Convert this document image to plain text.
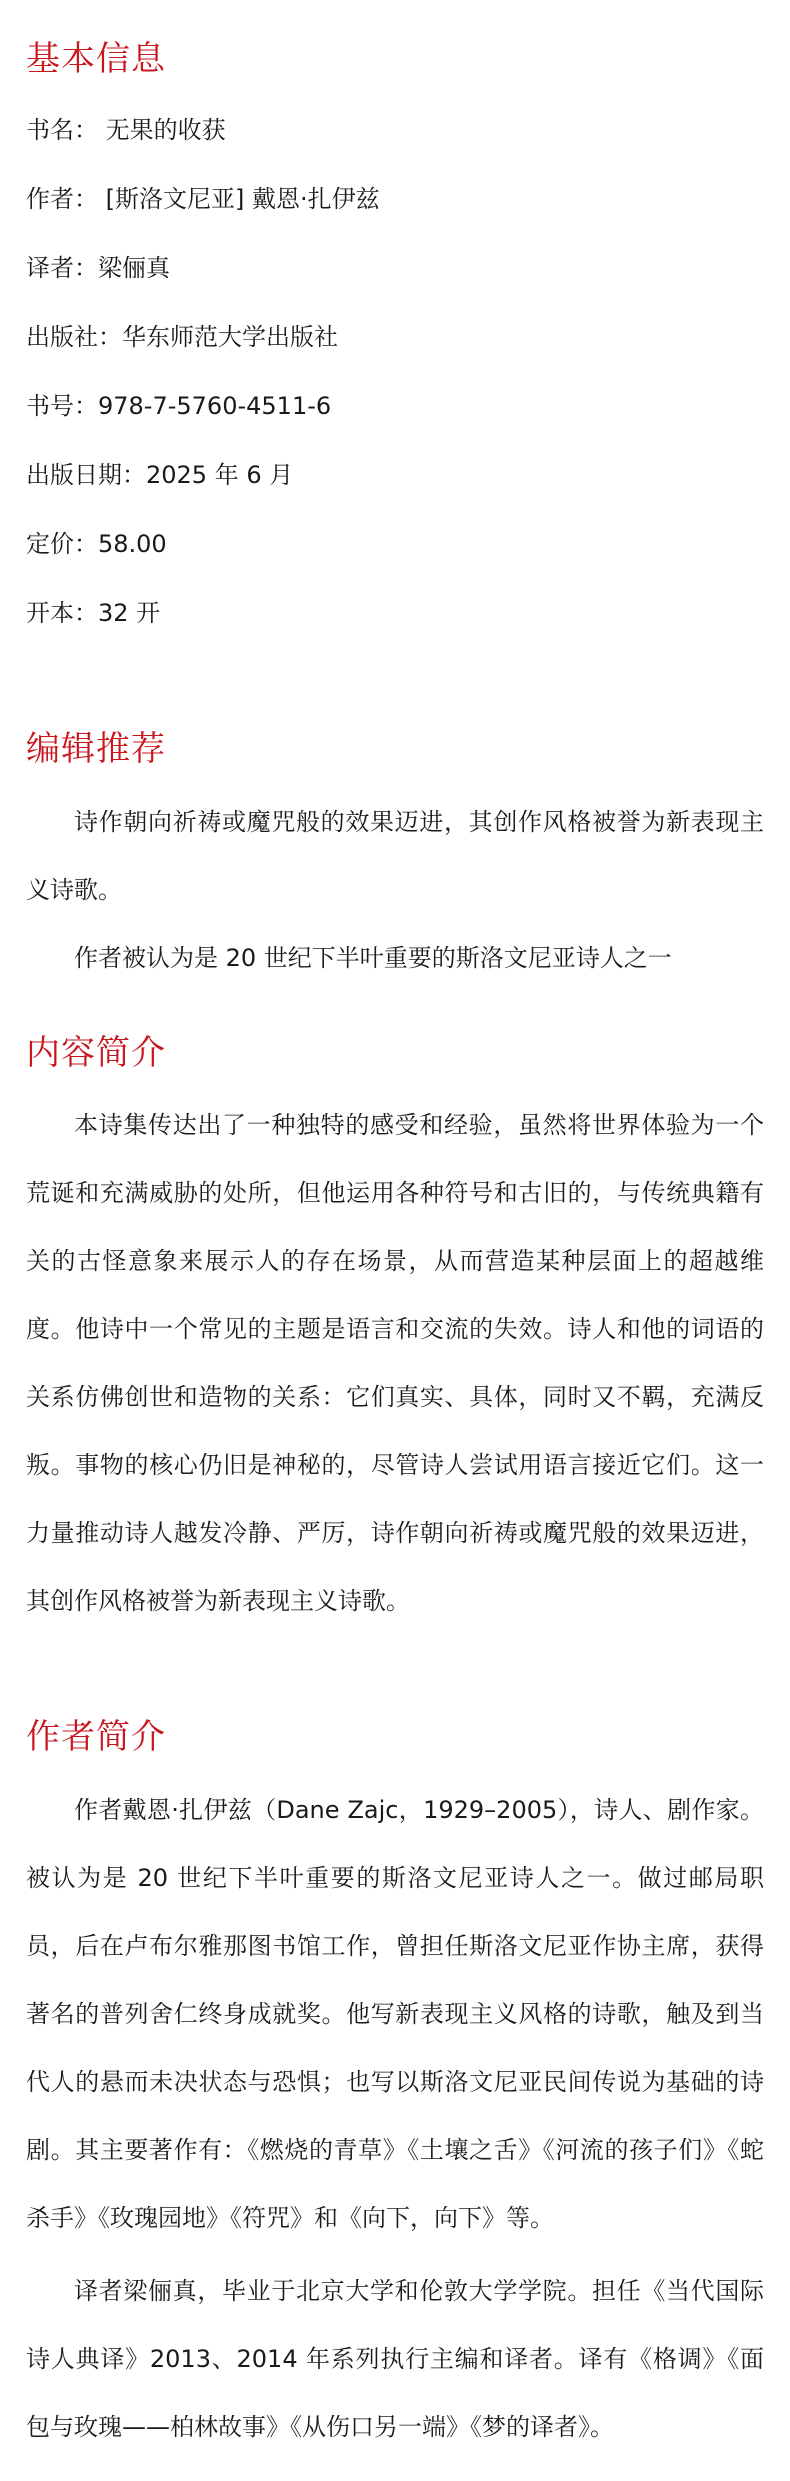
基本信息
书名： 无果的收获
作者： [斯洛文尼亚] 戴恩·扎伊兹
译者：梁俪真
出版社：华东师范大学出版社
书号：978-7-5760-4511-6
出版日期：2025 年 6 月
定价：58.00
开本：32 开
编辑推荐

诗作朝向祈祷或魔咒般的效果迈进，其创作风格被誉为新表现主义诗歌。

作者被认为是 20 世纪下半叶重要的斯洛文尼亚诗人之一

内容简介

本诗集传达出了一种独特的感受和经验，虽然将世界体验为一个荒诞和充满威胁的处所，但他运用各种符号和古旧的，与传统典籍有关的古怪意象来展示人的存在场景，从而营造某种层面上的超越维度。他诗中一个常见的主题是语言和交流的失效。诗人和他的词语的关系仿佛创世和造物的关系：它们真实、具体，同时又不羁，充满反叛。事物的核心仍旧是神秘的，尽管诗人尝试用语言接近它们。这一力量推动诗人越发冷静、严厉，诗作朝向祈祷或魔咒般的效果迈进，其创作风格被誉为新表现主义诗歌。

作者简介

作者戴恩·扎伊兹（Dane Zajc，1929–2005），诗人、剧作家。被认为是 20 世纪下半叶重要的斯洛文尼亚诗人之一。做过邮局职员，后在卢布尔雅那图书馆工作，曾担任斯洛文尼亚作协主席，获得著名的普列舍仁终身成就奖。他写新表现主义风格的诗歌，触及到当代人的悬而未决状态与恐惧；也写以斯洛文尼亚民间传说为基础的诗剧。其主要著作有：《燃烧的青草》《土壤之舌》《河流的孩子们》《蛇杀手》《玫瑰园地》《符咒》和《向下，向下》等。

译者梁俪真，毕业于北京大学和伦敦大学学院。担任《当代国际诗人典译》2013、2014 年系列执行主编和译者。译有《格调》《面包与玫瑰——柏林故事》《从伤口另一端》《梦的译者》。
